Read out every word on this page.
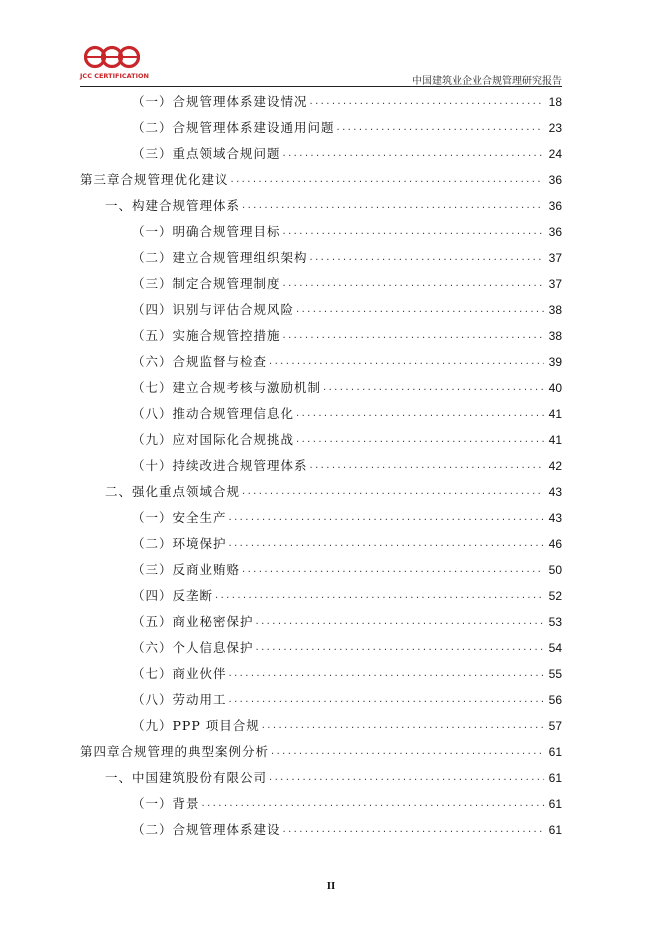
JCC CERTIFICATION	中国建筑业企业合规管理研究报告
（一）合规管理体系建设情况 .....	18
（二）合规管理体系建设通用问题 .....	23
（三）重点领域合规问题 .....	24
第三章合规管理优化建议 .....	36
一、构建合规管理体系 .....	36
（一）明确合规管理目标 .....	36
（二）建立合规管理组织架构 .....	37
（三）制定合规管理制度 .....	37
（四）识别与评估合规风险 .....	38
（五）实施合规管控措施 .....	38
（六）合规监督与检查 .....	39
（七）建立合规考核与激励机制 .....	40
（八）推动合规管理信息化 .....	41
（九）应对国际化合规挑战 .....	41
（十）持续改进合规管理体系 .....	42
二、强化重点领域合规 .....	43
（一）安全生产 .....	43
（二）环境保护 .....	46
（三）反商业贿赂 .....	50
（四）反垄断 .....	52
（五）商业秘密保护 .....	53
（六）个人信息保护 .....	54
（七）商业伙伴 .....	55
（八）劳动用工 .....	56
（九）PPP 项目合规 .....	57
第四章合规管理的典型案例分析 .....	61
一、中国建筑股份有限公司 .....	61
（一）背景 .....	61
（二）合规管理体系建设 .....	61
II
